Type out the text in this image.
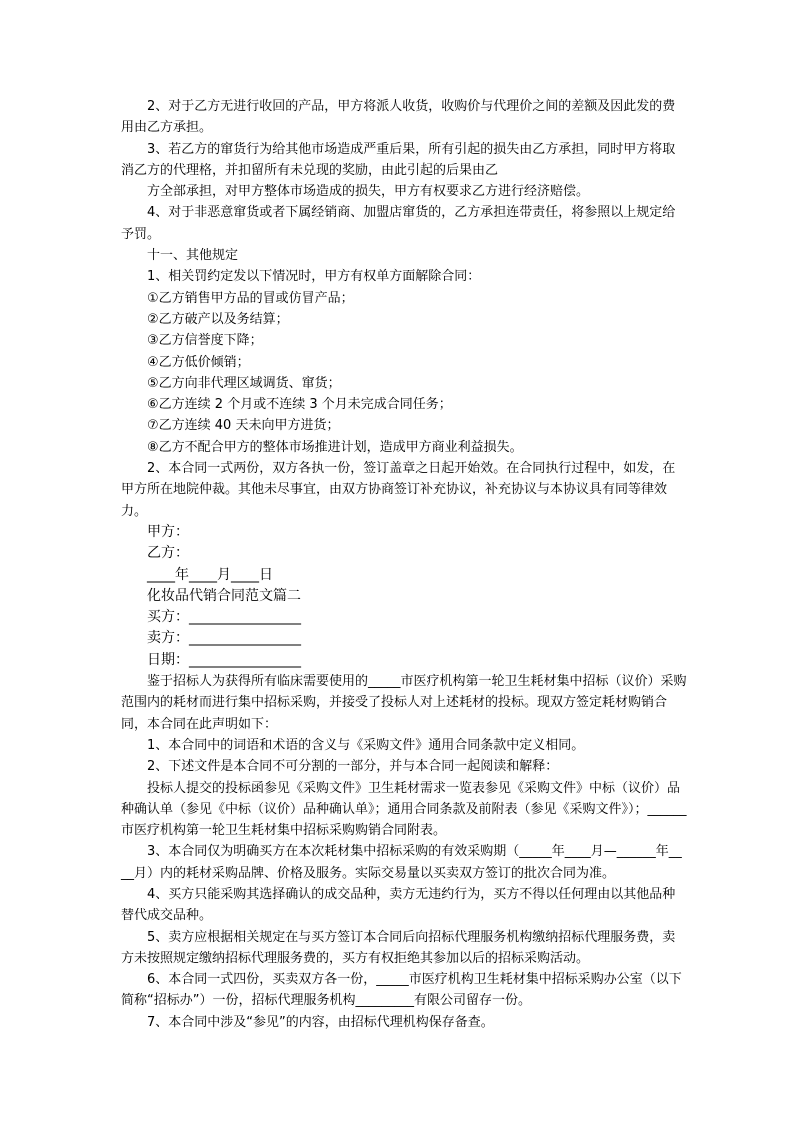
2、对于乙方无进行收回的产品，甲方将派人收货，收购价与代理价之间的差额及因此发的费用由乙方承担。

3、若乙方的窜货行为给其他市场造成严重后果，所有引起的损失由乙方承担，同时甲方将取消乙方的代理格，并扣留所有未兑现的奖励，由此引起的后果由乙

方全部承担，对甲方整体市场造成的损失，甲方有权要求乙方进行经济赔偿。

4、对于非恶意窜货或者下属经销商、加盟店窜货的，乙方承担连带责任，将参照以上规定给予罚。

十一、其他规定

1、相关罚约定发以下情况时，甲方有权单方面解除合同：

①乙方销售甲方品的冒或仿冒产品；

②乙方破产以及务结算；

③乙方信誉度下降；

④乙方低价倾销；

⑤乙方向非代理区域调货、窜货；

⑥乙方连续 2 个月或不连续 3 个月未完成合同任务；

⑦乙方连续 40 天未向甲方进货；

⑧乙方不配合甲方的整体市场推进计划，造成甲方商业利益损失。

2、本合同一式两份，双方各执一份，签订盖章之日起开始效。在合同执行过程中，如发，在甲方所在地院仲裁。其他未尽事宜，由双方协商签订补充协议，补充协议与本协议具有同等律效力。

甲方：

乙方：

____年____月____日

化妆品代销合同范文篇二

买方：________________

卖方：________________

日期：________________

鉴于招标人为获得所有临床需要使用的_____市医疗机构第一轮卫生耗材集中招标（议价）采购范围内的耗材而进行集中招标采购，并接受了投标人对上述耗材的投标。现双方签定耗材购销合同，本合同在此声明如下：

1、本合同中的词语和术语的含义与《采购文件》通用合同条款中定义相同。

2、下述文件是本合同不可分割的一部分，并与本合同一起阅读和解释：

投标人提交的投标函参见《采购文件》卫生耗材需求一览表参见《采购文件》中标（议价）品种确认单（参见《中标（议价）品种确认单》；通用合同条款及前附表（参见《采购文件》）；______市医疗机构第一轮卫生耗材集中招标采购购销合同附表。

3、本合同仅为明确买方在本次耗材集中招标采购的有效采购期（_____年____月—______年____月）内的耗材采购品牌、价格及服务。实际交易量以买卖双方签订的批次合同为准。

4、买方只能采购其选择确认的成交品种，卖方无违约行为，买方不得以任何理由以其他品种替代成交品种。

5、卖方应根据相关规定在与买方签订本合同后向招标代理服务机构缴纳招标代理服务费，卖方未按照规定缴纳招标代理服务费的，买方有权拒绝其参加以后的招标采购活动。

6、本合同一式四份，买卖双方各一份，_____市医疗机构卫生耗材集中招标采购办公室（以下简称“招标办”）一份，招标代理服务机构_________有限公司留存一份。

7、本合同中涉及“参见”的内容，由招标代理机构保存备查。
